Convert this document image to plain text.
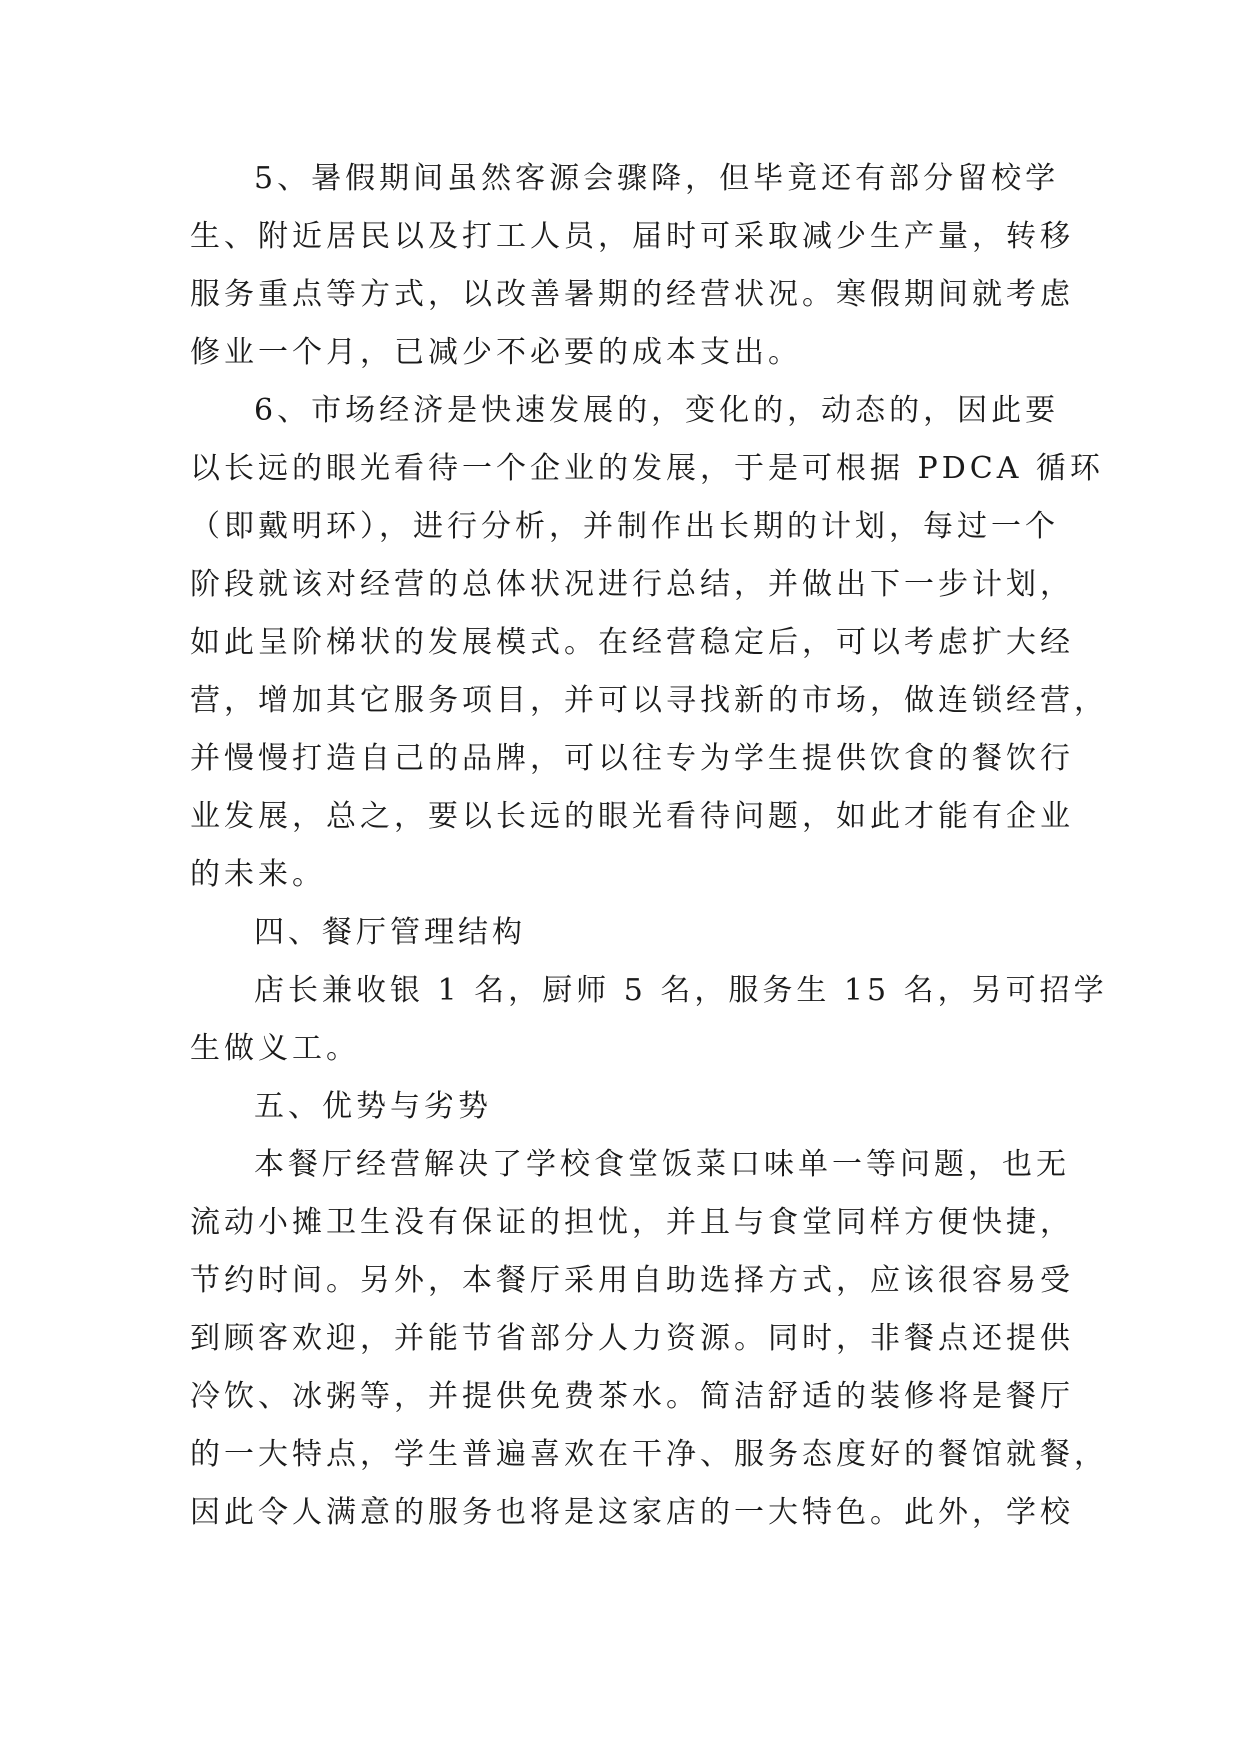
5、暑假期间虽然客源会骤降，但毕竟还有部分留校学
生、附近居民以及打工人员，届时可采取减少生产量，转移
服务重点等方式，以改善暑期的经营状况。寒假期间就考虑
修业一个月，已减少不必要的成本支出。
6、市场经济是快速发展的，变化的，动态的，因此要
以长远的眼光看待一个企业的发展，于是可根据 PDCA 循环
（即戴明环），进行分析，并制作出长期的计划，每过一个
阶段就该对经营的总体状况进行总结，并做出下一步计划，
如此呈阶梯状的发展模式。在经营稳定后，可以考虑扩大经
营，增加其它服务项目，并可以寻找新的市场，做连锁经营，
并慢慢打造自己的品牌，可以往专为学生提供饮食的餐饮行
业发展，总之，要以长远的眼光看待问题，如此才能有企业
的未来。
四、餐厅管理结构
店长兼收银 1 名，厨师 5 名，服务生 15 名，另可招学
生做义工。
五、优势与劣势
本餐厅经营解决了学校食堂饭菜口味单一等问题，也无
流动小摊卫生没有保证的担忧，并且与食堂同样方便快捷，
节约时间。另外，本餐厅采用自助选择方式，应该很容易受
到顾客欢迎，并能节省部分人力资源。同时，非餐点还提供
冷饮、冰粥等，并提供免费茶水。简洁舒适的装修将是餐厅
的一大特点，学生普遍喜欢在干净、服务态度好的餐馆就餐，
因此令人满意的服务也将是这家店的一大特色。此外，学校
